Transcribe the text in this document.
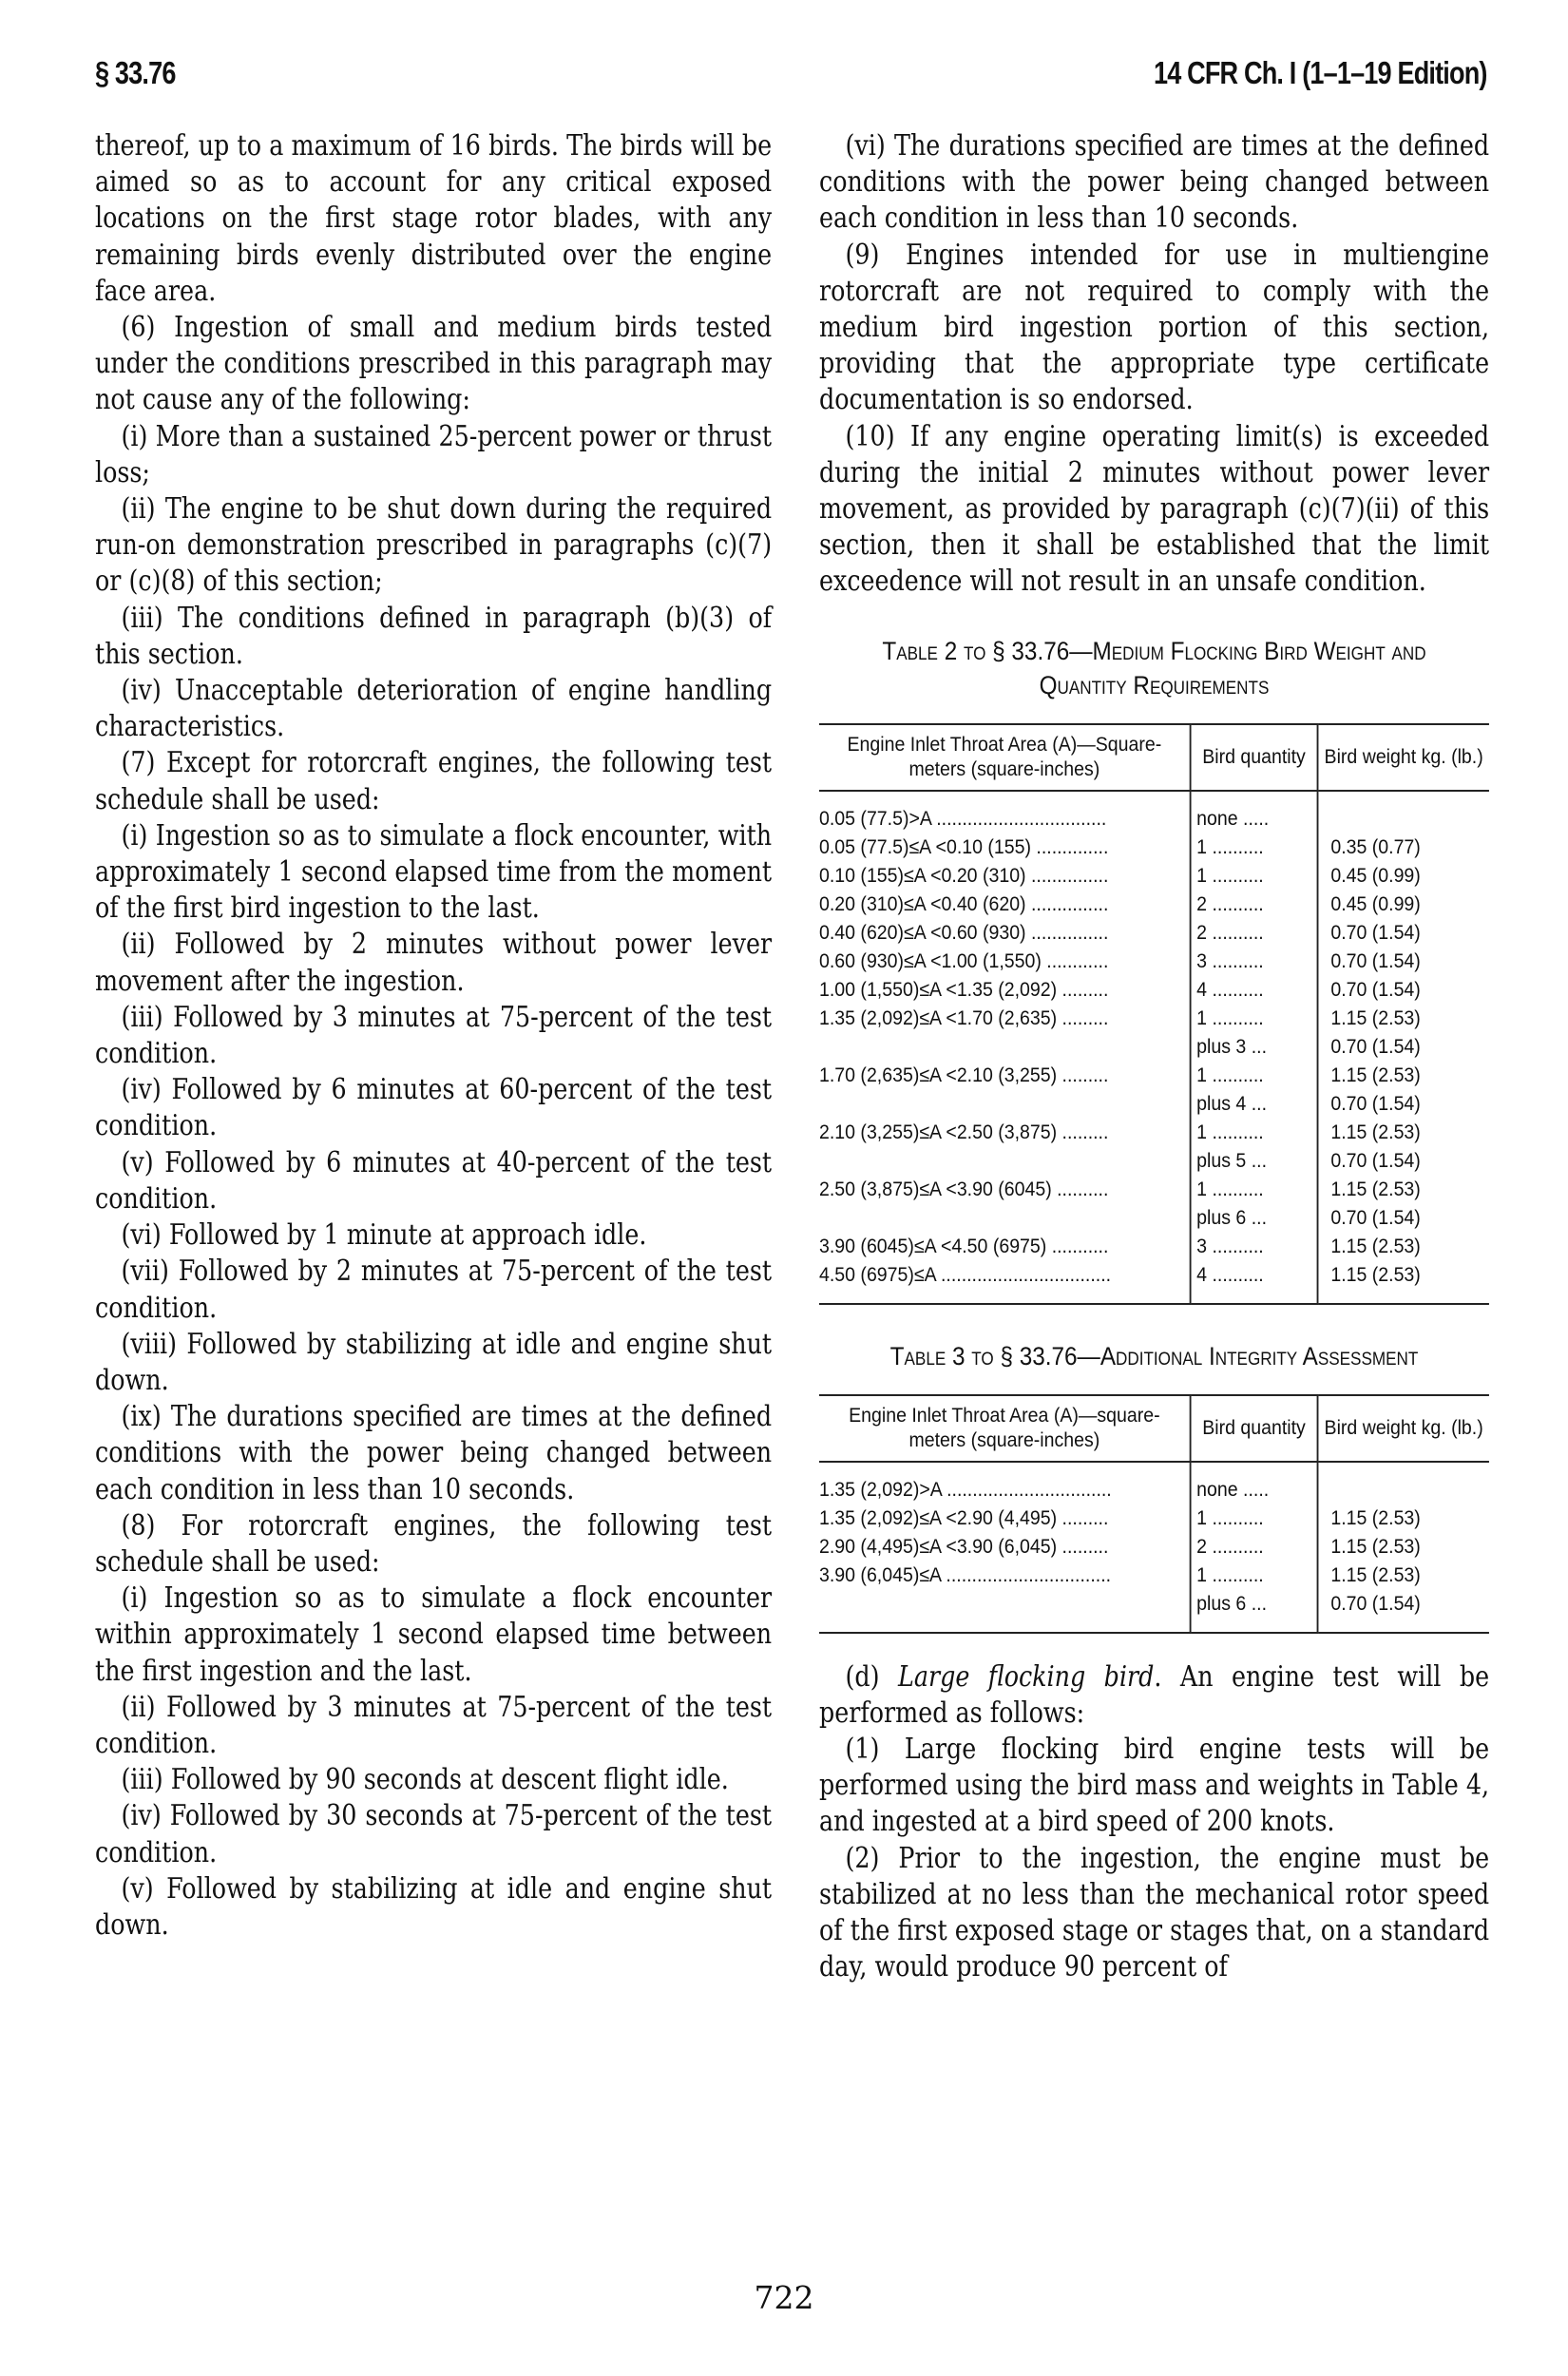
§ 33.76	14 CFR Ch. I (1–1–19 Edition)

thereof, up to a maximum of 16 birds. The birds will be aimed so as to account for any critical exposed locations on the first stage rotor blades, with any remaining birds evenly distributed over the engine face area.

(6) Ingestion of small and medium birds tested under the conditions prescribed in this paragraph may not cause any of the following:

(i) More than a sustained 25-percent power or thrust loss;

(ii) The engine to be shut down during the required run-on demonstration prescribed in paragraphs (c)(7) or (c)(8) of this section;

(iii) The conditions defined in paragraph (b)(3) of this section.

(iv) Unacceptable deterioration of engine handling characteristics.

(7) Except for rotorcraft engines, the following test schedule shall be used:

(i) Ingestion so as to simulate a flock encounter, with approximately 1 second elapsed time from the moment of the first bird ingestion to the last.

(ii) Followed by 2 minutes without power lever movement after the ingestion.

(iii) Followed by 3 minutes at 75-percent of the test condition.

(iv) Followed by 6 minutes at 60-percent of the test condition.

(v) Followed by 6 minutes at 40-percent of the test condition.

(vi) Followed by 1 minute at approach idle.

(vii) Followed by 2 minutes at 75-percent of the test condition.

(viii) Followed by stabilizing at idle and engine shut down.

(ix) The durations specified are times at the defined conditions with the power being changed between each condition in less than 10 seconds.

(8) For rotorcraft engines, the following test schedule shall be used:

(i) Ingestion so as to simulate a flock encounter within approximately 1 second elapsed time between the first ingestion and the last.

(ii) Followed by 3 minutes at 75-percent of the test condition.

(iii) Followed by 90 seconds at descent flight idle.

(iv) Followed by 30 seconds at 75-percent of the test condition.

(v) Followed by stabilizing at idle and engine shut down.

(vi) The durations specified are times at the defined conditions with the power being changed between each condition in less than 10 seconds.

(9) Engines intended for use in multiengine rotorcraft are not required to comply with the medium bird ingestion portion of this section, providing that the appropriate type certificate documentation is so endorsed.

(10) If any engine operating limit(s) is exceeded during the initial 2 minutes without power lever movement, as provided by paragraph (c)(7)(ii) of this section, then it shall be established that the limit exceedence will not result in an unsafe condition.

Table 2 to § 33.76—Medium Flocking Bird Weight and Quantity Requirements
Engine Inlet Throat Area (A)—Square-meters (square-inches)	Bird quantity	Bird weight kg. (lb.)
0.05 (77.5)>A .................................	none .....	
0.05 (77.5)≤A <0.10 (155) ..............	1 ..........	0.35 (0.77)
0.10 (155)≤A <0.20 (310) ...............	1 ..........	0.45 (0.99)
0.20 (310)≤A <0.40 (620) ...............	2 ..........	0.45 (0.99)
0.40 (620)≤A <0.60 (930) ...............	2 ..........	0.70 (1.54)
0.60 (930)≤A <1.00 (1,550) ............	3 ..........	0.70 (1.54)
1.00 (1,550)≤A <1.35 (2,092) .........	4 ..........	0.70 (1.54)
1.35 (2,092)≤A <1.70 (2,635) .........	1 ..........	1.15 (2.53)
	plus 3 ...	0.70 (1.54)
1.70 (2,635)≤A <2.10 (3,255) .........	1 ..........	1.15 (2.53)
	plus 4 ...	0.70 (1.54)
2.10 (3,255)≤A <2.50 (3,875) .........	1 ..........	1.15 (2.53)
	plus 5 ...	0.70 (1.54)
2.50 (3,875)≤A <3.90 (6045) ..........	1 ..........	1.15 (2.53)
	plus 6 ...	0.70 (1.54)
3.90 (6045)≤A <4.50 (6975) ...........	3 ..........	1.15 (2.53)
4.50 (6975)≤A .................................	4 ..........	1.15 (2.53)
Table 3 to § 33.76—Additional Integrity Assessment
Engine Inlet Throat Area (A)—square-meters (square-inches)	Bird quantity	Bird weight kg. (lb.)
1.35 (2,092)>A ................................	none .....	
1.35 (2,092)≤A <2.90 (4,495) .........	1 ..........	1.15 (2.53)
2.90 (4,495)≤A <3.90 (6,045) .........	2 ..........	1.15 (2.53)
3.90 (6,045)≤A ................................	1 ..........	1.15 (2.53)
	plus 6 ...	0.70 (1.54)

(d) Large flocking bird. An engine test will be performed as follows:

(1) Large flocking bird engine tests will be performed using the bird mass and weights in Table 4, and ingested at a bird speed of 200 knots.

(2) Prior to the ingestion, the engine must be stabilized at no less than the mechanical rotor speed of the first exposed stage or stages that, on a standard day, would produce 90 percent of

722
